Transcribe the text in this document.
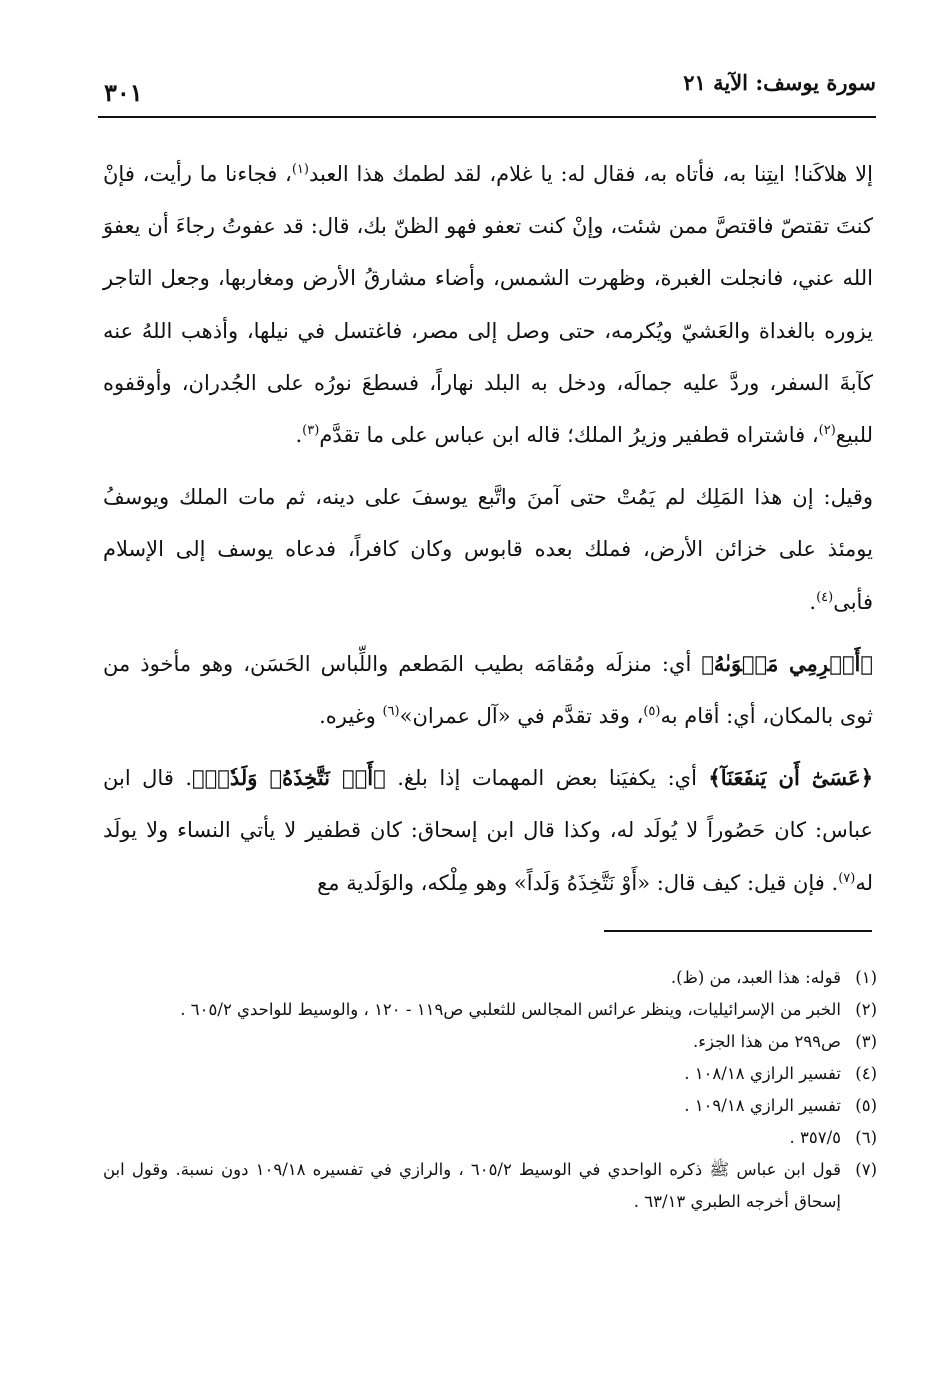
سورة يوسف: الآية ٢١
٣٠١

إلا هلاكَنا! ايتِنا به، فأتاه به، فقال له: يا غلام، لقد لطمك هذا العبد$^{(١)}$، فجاءنا ما رأيت، فإنْ كنتَ تقتصّ فاقتصَّ ممن شئت، وإنْ كنت تعفو فهو الظنّ بك، قال: قد عفوتُ رجاءَ أن يعفوَ الله عني، فانجلت الغبرة، وظهرت الشمس، وأضاء مشارقُ الأرض ومغاربها، وجعل التاجر يزوره بالغداة والعَشيّ ويُكرمه، حتى وصل إلى مصر، فاغتسل في نيلها، وأذهب اللهُ عنه كآبةَ السفر، وردَّ عليه جمالَه، ودخل به البلد نهاراً، فسطعَ نورُه على الجُدران، وأوقفوه للبيع$^{(٢)}$، فاشتراه قطفير وزيرُ الملك؛ قاله ابن عباس على ما تقدَّم$^{(٣)}$.

وقيل: إن هذا المَلِك لم يَمُتْ حتى آمنَ واتَّبع يوسفَ على دينه، ثم مات الملك ويوسفُ يومئذ على خزائن الأرض، فملك بعده قابوس وكان كافراً، فدعاه يوسف إلى الإسلام فأبى$^{(٤)}$.

﴿أَكۡرِمِي مَثۡوَىٰهُ﴾ أي: منزلَه ومُقامَه بطيب المَطعم واللِّباس الحَسَن، وهو مأخوذ من ثوى بالمكان، أي: أقام به$^{(٥)}$، وقد تقدَّم في «آل عمران»$^{(٦)}$ وغيره.

﴿عَسَىٰٓ أَن يَنفَعَنَآ﴾ أي: يكفيَنا بعض المهمات إذا بلغ. ﴿أَوۡ نَتَّخِذَهُۥ وَلَدٗاۚ﴾. قال ابن عباس: كان حَصُوراً لا يُولَد له، وكذا قال ابن إسحاق: كان قطفير لا يأتي النساء ولا يولَد له$^{(٧)}$. فإن قيل: كيف قال: «أَوْ نَتَّخِذَهُ وَلَداً» وهو مِلْكه، والوَلَدية مع

(١)
قوله: هذا العبد، من (ظ).

(٢)
الخبر من الإسرائيليات، وينظر عرائس المجالس للثعلبي ص١١٩ - ١٢٠ ، والوسيط للواحدي ٦٠٥/٢ .

(٣)
ص٢٩٩ من هذا الجزء.

(٤)
تفسير الرازي ١٠٨/١٨ .

(٥)
تفسير الرازي ١٠٩/١٨ .

(٦)
٣٥٧/٥ .

(٧)
قول ابن عباس ﷺ ذكره الواحدي في الوسيط ٦٠٥/٢ ، والرازي في تفسيره ١٠٩/١٨ دون نسبة. وقول ابن إسحاق أخرجه الطبري ٦٣/١٣ .
